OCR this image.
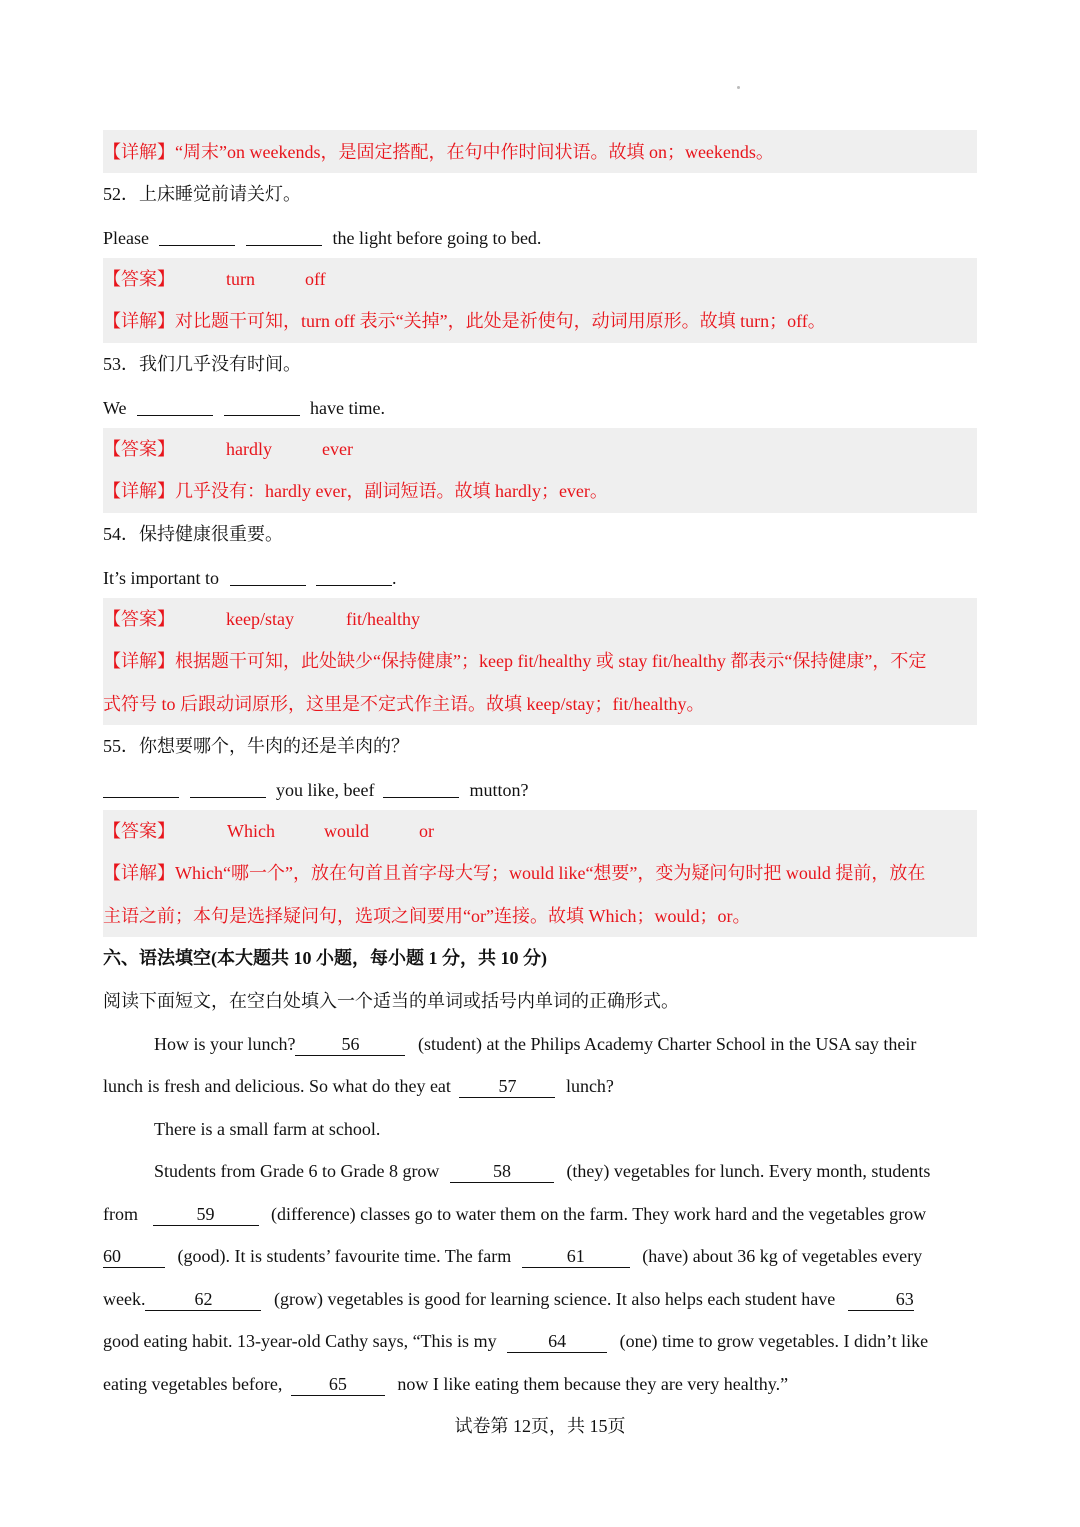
【详解】“周末”on weekends，是固定搭配，在句中作时间状语。故填 on；weekends。
52．上床睡觉前请关灯。
Please	the light before going to bed.
【答案】	turn	off
【详解】对比题干可知，turn off 表示“关掉”，此处是祈使句，动词用原形。故填 turn；off。
53．我们几乎没有时间。
We	have time.
【答案】	hardly	ever
【详解】几乎没有：hardly ever，副词短语。故填 hardly；ever。
54．保持健康很重要。
It’s important to	.
【答案】	keep/stay	fit/healthy
【详解】根据题干可知，此处缺少“保持健康”；keep fit/healthy 或 stay fit/healthy 都表示“保持健康”，不定
式符号 to 后跟动词原形，这里是不定式作主语。故填 keep/stay；fit/healthy。
55．你想要哪个，牛肉的还是羊肉的？
you like, beef	mutton?
【答案】	Which	would	or
【详解】Which“哪一个”，放在句首且首字母大写；would like“想要”，变为疑问句时把 would 提前，放在
主语之前；本句是选择疑问句，选项之间要用“or”连接。故填 Which；would；or。
六、语法填空(本大题共 10 小题，每小题 1 分，共 10 分)
阅读下面短文，在空白处填入一个适当的单词或括号内单词的正确形式。
How is your lunch?	56	(student) at the Philips Academy Charter School in the USA say their
lunch is fresh and delicious. So what do they eat	57	lunch?
There is a small farm at school.
Students from Grade 6 to Grade 8 grow	58	(they) vegetables for lunch. Every month, students
from	59	(difference) classes go to water them on the farm. They work hard and the vegetables grow
60	(good). It is students’ favourite time. The farm	61	(have) about 36 kg of vegetables every
week.	62	(grow) vegetables is good for learning science. It also helps each student have	63
good eating habit. 13-year-old Cathy says, “This is my	64	(one) time to grow vegetables. I didn’t like
eating vegetables before,	65	now I like eating them because they are very healthy.”
试卷第 12页，共 15页
